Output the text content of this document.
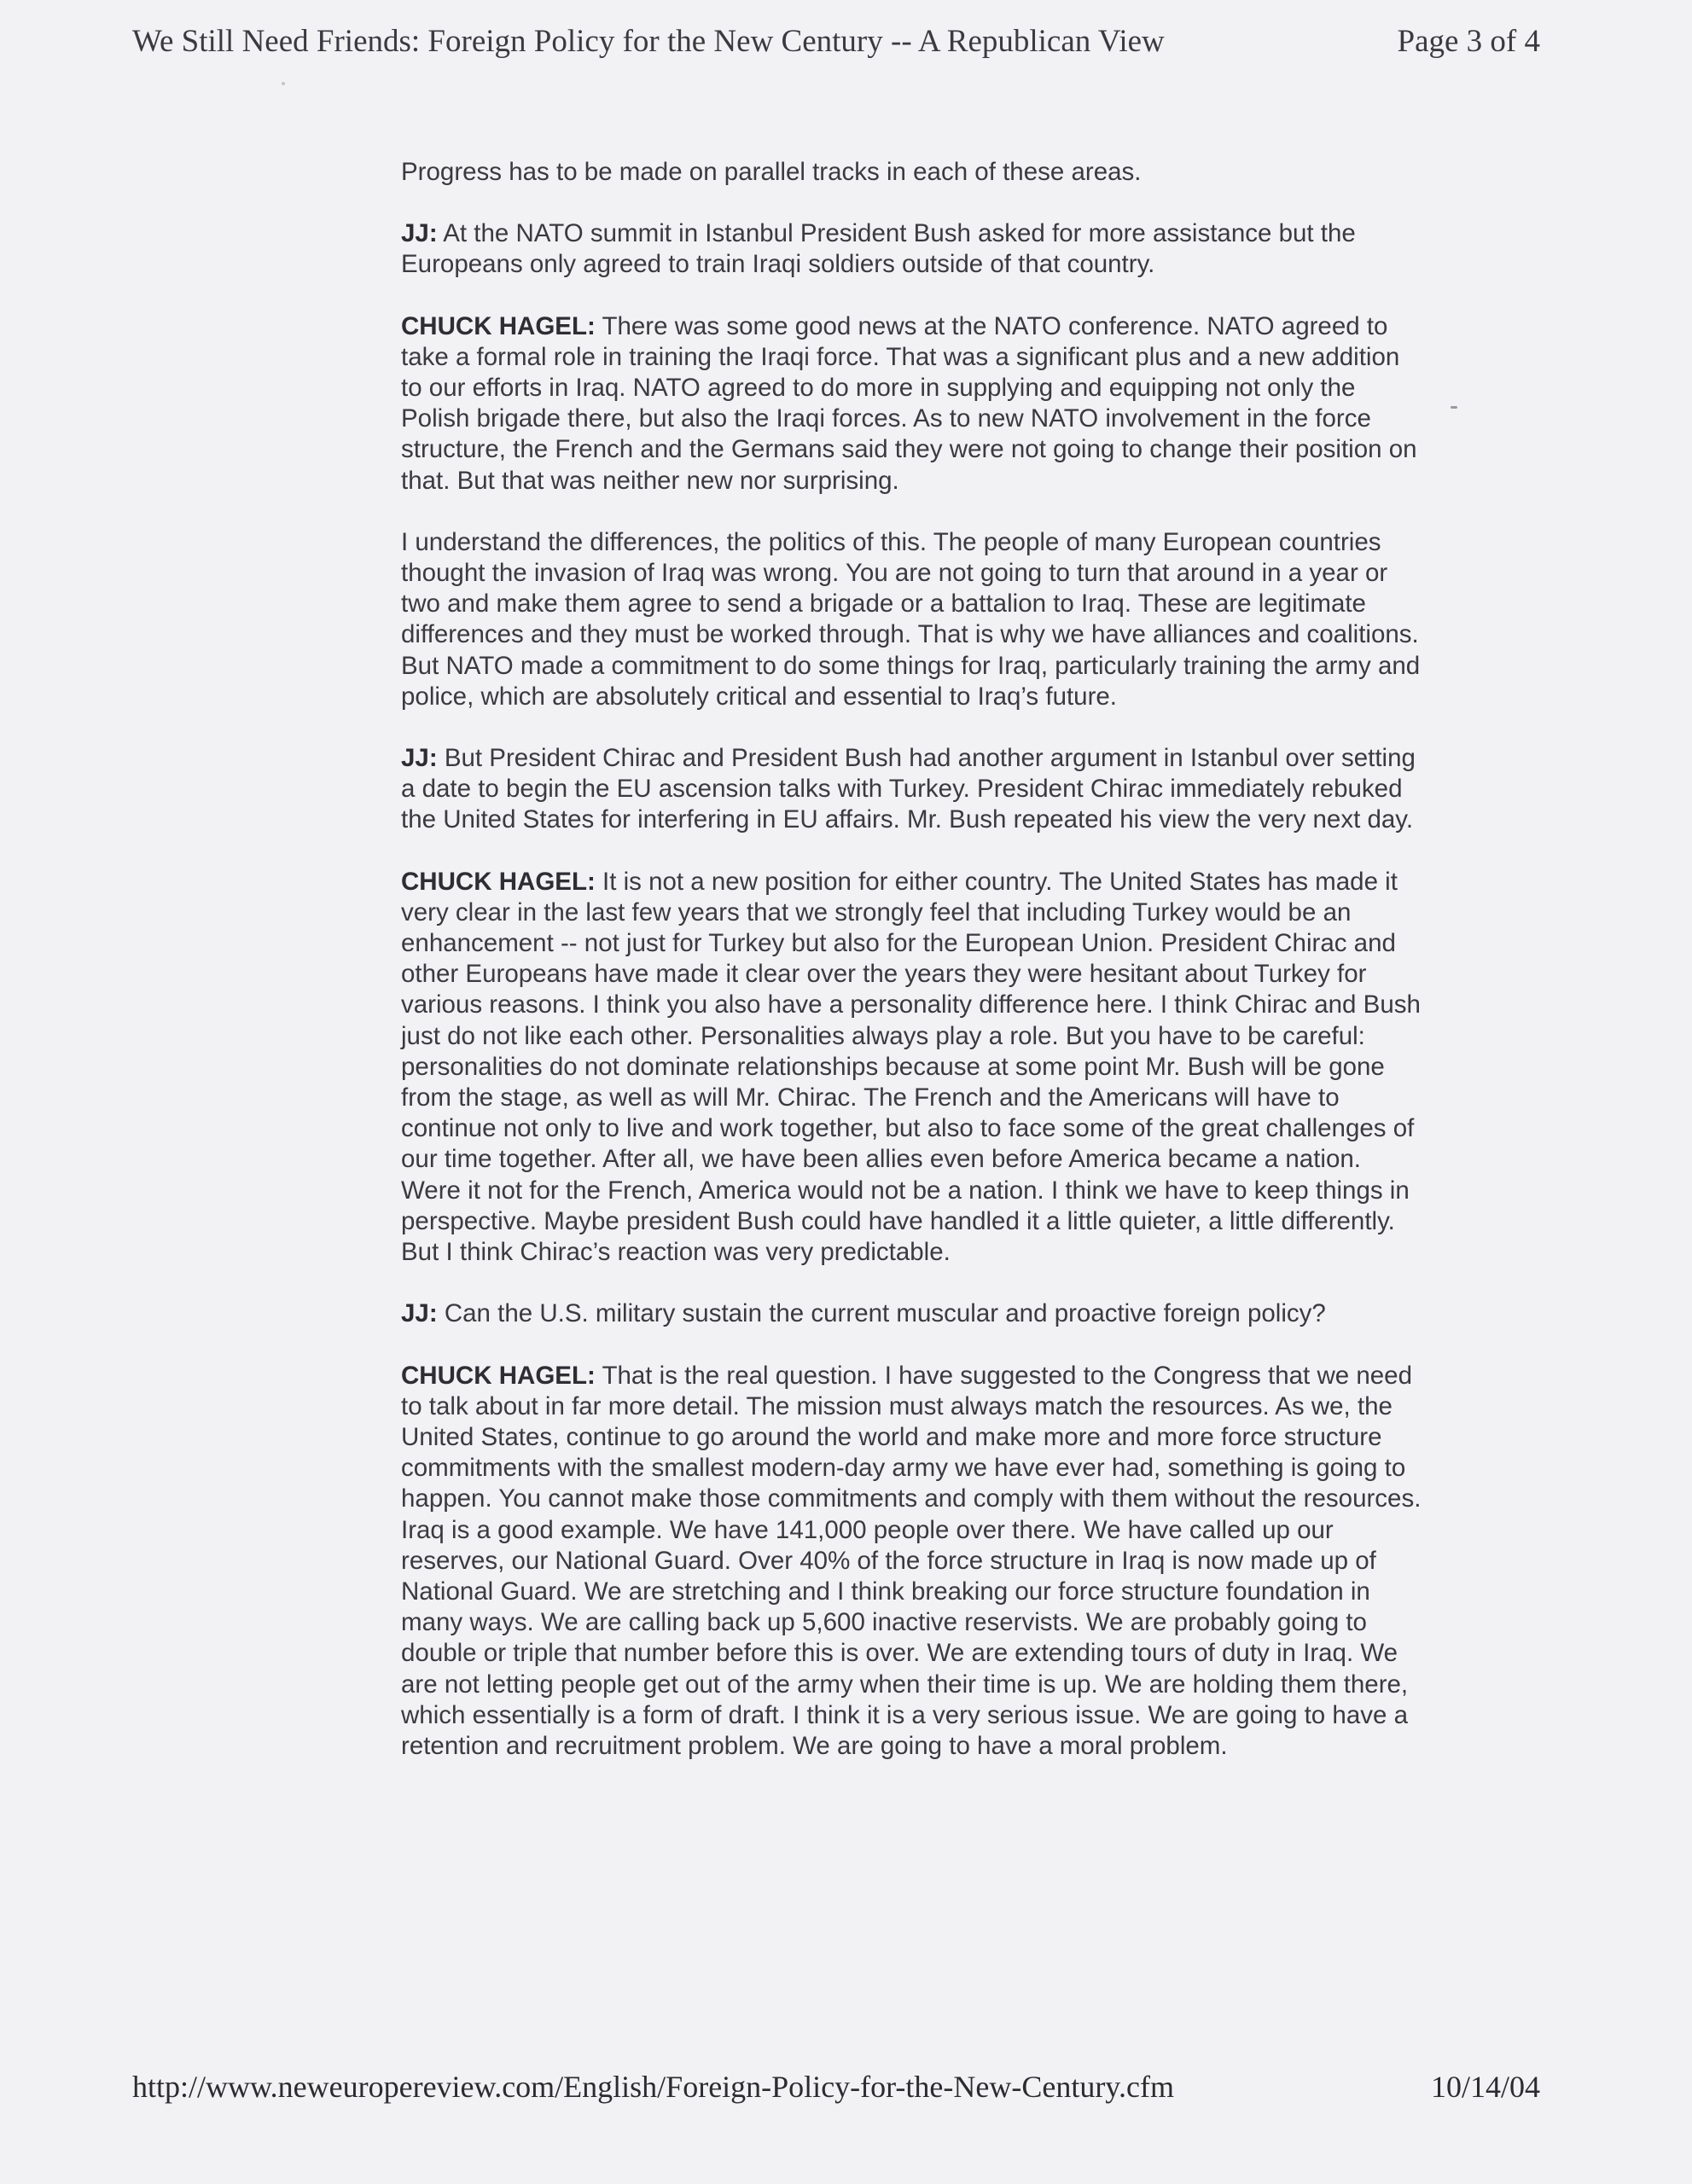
We Still Need Friends: Foreign Policy for the New Century -- A Republican View	Page 3 of 4

Progress has to be made on parallel tracks in each of these areas.

JJ: At the NATO summit in Istanbul President Bush asked for more assistance but the Europeans only agreed to train Iraqi soldiers outside of that country.

CHUCK HAGEL: There was some good news at the NATO conference. NATO agreed to take a formal role in training the Iraqi force. That was a significant plus and a new addition to our efforts in Iraq. NATO agreed to do more in supplying and equipping not only the Polish brigade there, but also the Iraqi forces. As to new NATO involvement in the force structure, the French and the Germans said they were not going to change their position on that. But that was neither new nor surprising.

I understand the differences, the politics of this. The people of many European countries thought the invasion of Iraq was wrong. You are not going to turn that around in a year or two and make them agree to send a brigade or a battalion to Iraq. These are legitimate differences and they must be worked through. That is why we have alliances and coalitions. But NATO made a commitment to do some things for Iraq, particularly training the army and police, which are absolutely critical and essential to Iraq’s future.

JJ: But President Chirac and President Bush had another argument in Istanbul over setting a date to begin the EU ascension talks with Turkey. President Chirac immediately rebuked the United States for interfering in EU affairs. Mr. Bush repeated his view the very next day.

CHUCK HAGEL: It is not a new position for either country. The United States has made it very clear in the last few years that we strongly feel that including Turkey would be an enhancement -- not just for Turkey but also for the European Union. President Chirac and other Europeans have made it clear over the years they were hesitant about Turkey for various reasons. I think you also have a personality difference here. I think Chirac and Bush just do not like each other. Personalities always play a role. But you have to be careful: personalities do not dominate relationships because at some point Mr. Bush will be gone from the stage, as well as will Mr. Chirac. The French and the Americans will have to continue not only to live and work together, but also to face some of the great challenges of our time together. After all, we have been allies even before America became a nation. Were it not for the French, America would not be a nation. I think we have to keep things in perspective. Maybe president Bush could have handled it a little quieter, a little differently. But I think Chirac’s reaction was very predictable.

JJ: Can the U.S. military sustain the current muscular and proactive foreign policy?

CHUCK HAGEL: That is the real question. I have suggested to the Congress that we need to talk about in far more detail. The mission must always match the resources. As we, the United States, continue to go around the world and make more and more force structure commitments with the smallest modern-day army we have ever had, something is going to happen. You cannot make those commitments and comply with them without the resources. Iraq is a good example. We have 141,000 people over there. We have called up our reserves, our National Guard. Over 40% of the force structure in Iraq is now made up of National Guard. We are stretching and I think breaking our force structure foundation in many ways. We are calling back up 5,600 inactive reservists. We are probably going to double or triple that number before this is over. We are extending tours of duty in Iraq. We are not letting people get out of the army when their time is up. We are holding them there, which essentially is a form of draft. I think it is a very serious issue. We are going to have a retention and recruitment problem. We are going to have a moral problem.

http://www.neweuropereview.com/English/Foreign-Policy-for-the-New-Century.cfm	10/14/04
